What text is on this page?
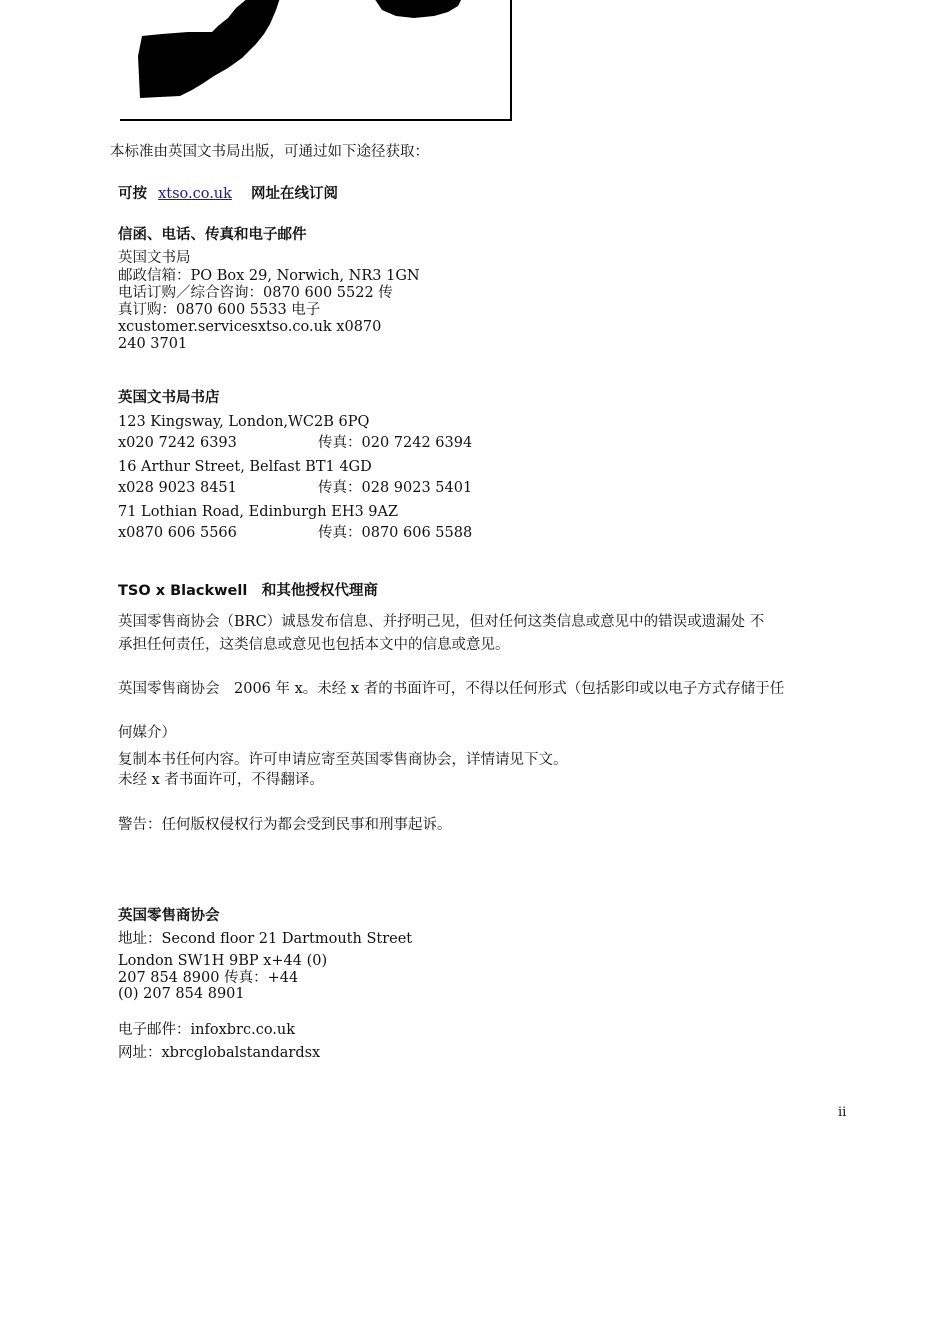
本标准由英国文书局出版，可通过如下途径获取：
可按 xtso.co.uk 网址在线订阅
信函、电话、传真和电子邮件
英国文书局
邮政信箱：PO Box 29, Norwich, NR3 1GN
电话订购／综合咨询：0870 600 5522 传
真订购：0870 600 5533 电子
xcustomer.servicesxtso.co.uk x0870
240 3701
英国文书局书店
123 Kingsway, London,WC2B 6PQ
x020 7242 6393	传真：020 7242 6394
16 Arthur Street, Belfast BT1 4GD
x028 9023 8451	传真：028 9023 5401
71 Lothian Road, Edinburgh EH3 9AZ
x0870 606 5566	传真：0870 606 5588
TSO x Blackwell　和其他授权代理商
英国零售商协会（BRC）诚恳发布信息、并抒明己见，但对任何这类信息或意见中的错误或遗漏处 不
承担任何责任，这类信息或意见也包括本文中的信息或意见。
英国零售商协会　2006 年 x。未经 x 者的书面许可，不得以任何形式（包括影印或以电子方式存储于任
何媒介）
复制本书任何内容。许可申请应寄至英国零售商协会，详情请见下文。
未经 x 者书面许可，不得翻译。
警告：任何版权侵权行为都会受到民事和刑事起诉。
英国零售商协会
地址：Second floor 21 Dartmouth Street
London SW1H 9BP x+44 (0)
207 854 8900 传真：+44
(0) 207 854 8901
电子邮件：infoxbrc.co.uk
网址：xbrcglobalstandardsx
ii
